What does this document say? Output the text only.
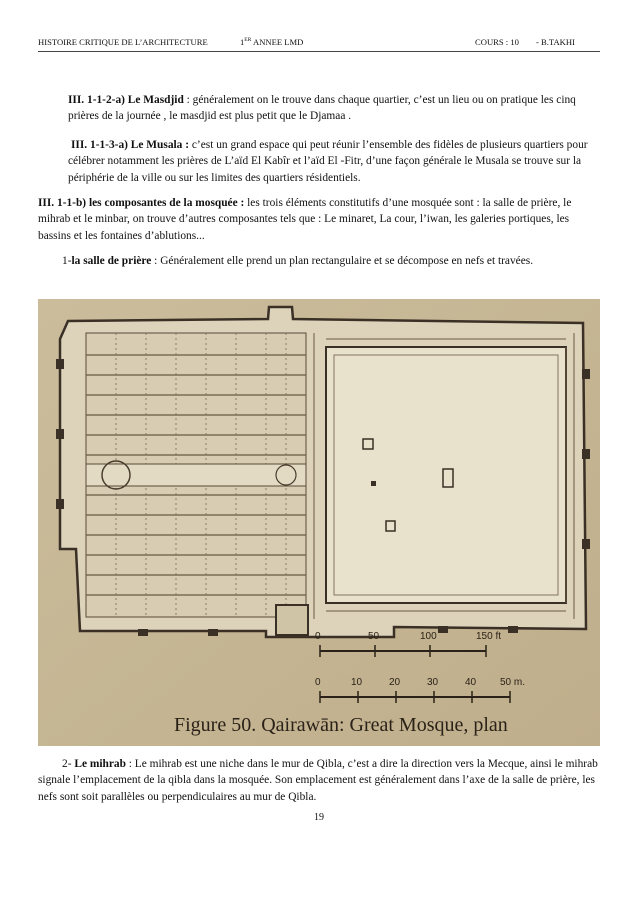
HISTOIRE CRITIQUE DE L’ARCHITECTURE	1ER ANNEE LMD	COURS : 10 - B.TAKHI
III. 1-1-2-a) Le Masdjid : généralement on le trouve dans chaque quartier, c’est un lieu ou on pratique les cinq prières de la journée , le masdjid est plus petit que le Djamaa .
III. 1-1-3-a) Le Musala : c’est un grand espace qui peut réunir l’ensemble des fidèles de plusieurs quartiers pour célébrer notamment les prières de L’aïd El Kabîr et l’aïd El -Fitr, d’une façon générale le Musala se trouve sur la périphérie de la ville ou sur les limites des quartiers résidentiels.
III. 1-1-b) les composantes de la mosquée : les trois éléments constitutifs d’une mosquée sont : la salle de prière, le mihrab et le minbar, on trouve d’autres composantes tels que : Le minaret, La cour, l’iwan, les galeries portiques, les bassins et les fontaines d’ablutions...
1-la salle de prière : Généralement elle prend un plan rectangulaire et se décompose en nefs et travées.
0	50	100	150 ft
0	10	20	30	40 50 m.
Figure 50. Qairawān: Great Mosque, plan
2- Le mihrab : Le mihrab est une niche dans le mur de Qibla, c’est a dire la direction vers la Mecque, ainsi le mihrab signale l’emplacement de la qibla dans la mosquée. Son emplacement est généralement dans l’axe de la salle de prière, les nefs sont soit parallèles ou perpendiculaires au mur de Qibla.
19
